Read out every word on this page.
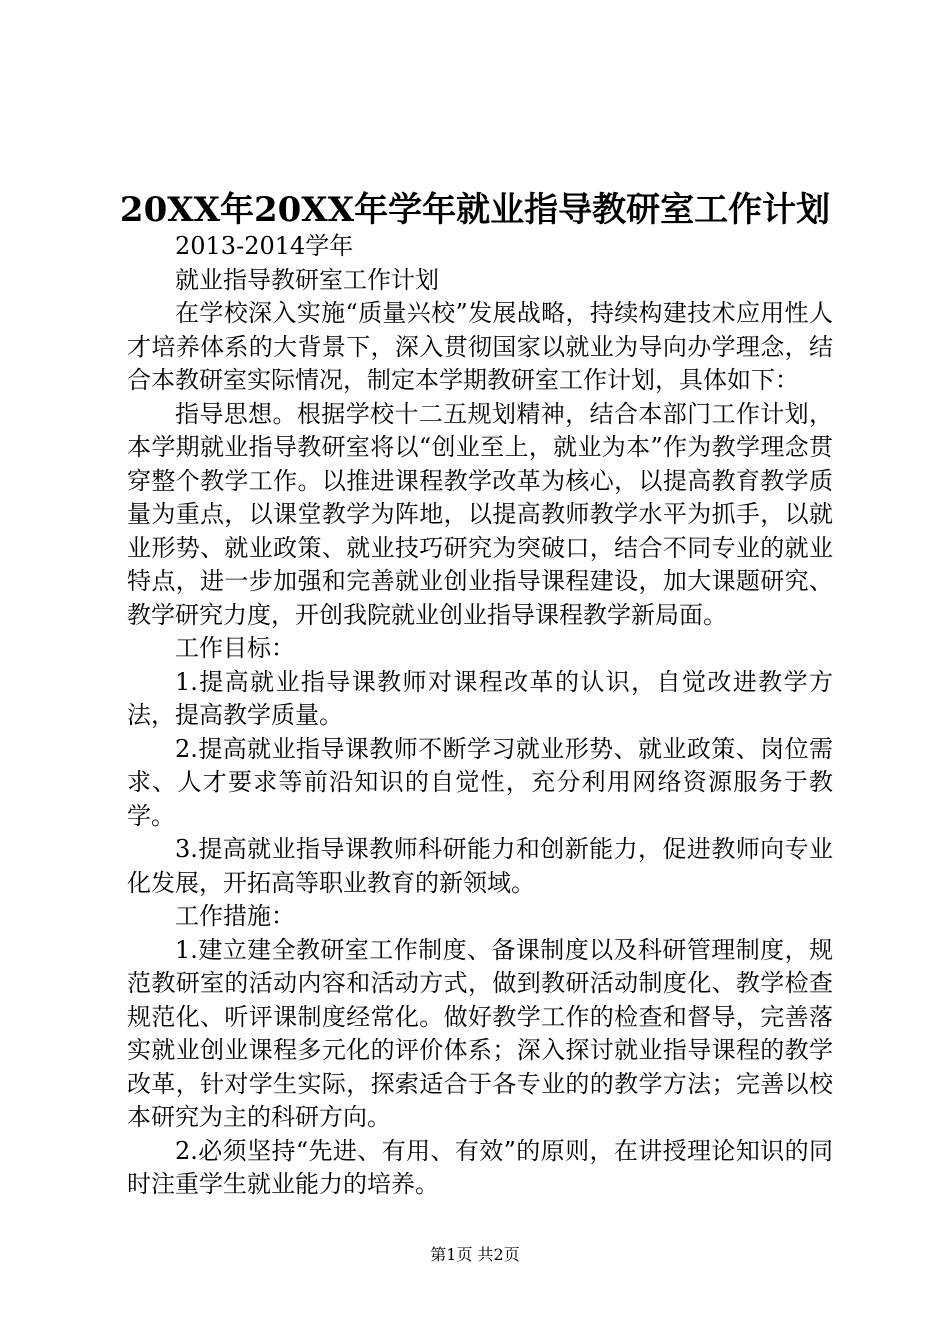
20XX年20XX年学年就业指导教研室工作计划

2013-2014学年

就业指导教研室工作计划

在学校深入实施“质量兴校”发展战略，持续构建技术应用性人才培养体系的大背景下，深入贯彻国家以就业为导向办学理念，结合本教研室实际情况，制定本学期教研室工作计划，具体如下：

指导思想。根据学校十二五规划精神，结合本部门工作计划，本学期就业指导教研室将以“创业至上，就业为本”作为教学理念贯穿整个教学工作。以推进课程教学改革为核心，以提高教育教学质量为重点，以课堂教学为阵地，以提高教师教学水平为抓手，以就业形势、就业政策、就业技巧研究为突破口，结合不同专业的就业特点，进一步加强和完善就业创业指导课程建设，加大课题研究、教学研究力度，开创我院就业创业指导课程教学新局面。

工作目标：

1.提高就业指导课教师对课程改革的认识，自觉改进教学方法，提高教学质量。

2.提高就业指导课教师不断学习就业形势、就业政策、岗位需求、人才要求等前沿知识的自觉性，充分利用网络资源服务于教学。

3.提高就业指导课教师科研能力和创新能力，促进教师向专业化发展，开拓高等职业教育的新领域。

工作措施：

1.建立建全教研室工作制度、备课制度以及科研管理制度，规范教研室的活动内容和活动方式，做到教研活动制度化、教学检查规范化、听评课制度经常化。做好教学工作的检查和督导，完善落实就业创业课程多元化的评价体系；深入探讨就业指导课程的教学改革，针对学生实际，探索适合于各专业的的教学方法；完善以校本研究为主的科研方向。

2.必须坚持“先进、有用、有效”的原则，在讲授理论知识的同时注重学生就业能力的培养。

第1页 共2页
